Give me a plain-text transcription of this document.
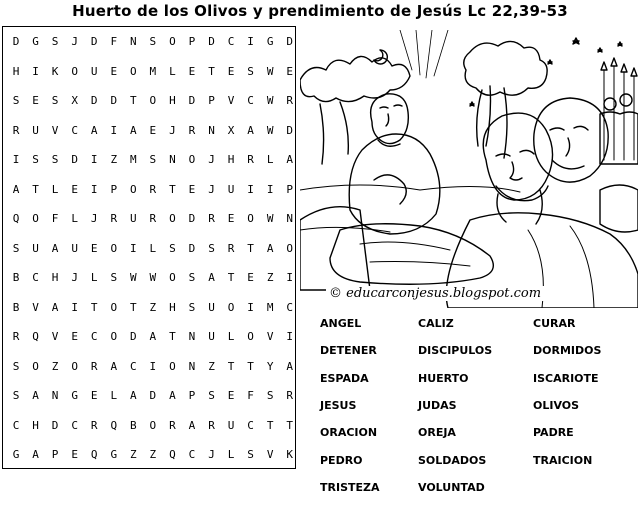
Huerto de los Olivos y prendimiento de Jesús Lc 22,39-53
D	G	S	J	D	F	N	S	O	P	D	C	I	G	D
H	I	K	O	U	E	O	M	L	E	T	E	S	W	E
S	E	S	X	D	D	T	O	H	D	P	V	C	W	R
R	U	V	C	A	I	A	E	J	R	N	X	A	W	D
I	S	S	D	I	Z	M	S	N	O	J	H	R	L	A
A	T	L	E	I	P	O	R	T	E	J	U	I	I	P
Q	O	F	L	J	R	U	R	O	D	R	E	O	W	N
S	U	A	U	E	O	I	L	S	D	S	R	T	A	O
B	C	H	J	L	S	W	W	O	S	A	T	E	Z	I
B	V	A	I	T	O	T	Z	H	S	U	O	I	M	C
R	Q	V	E	C	O	D	A	T	N	U	L	O	V	I
S	O	Z	O	R	A	C	I	O	N	Z	T	T	Y	A
S	A	N	G	E	L	A	D	A	P	S	E	F	S	R
C	H	D	C	R	Q	B	O	R	A	R	U	C	T	T
G	A	P	E	Q	G	Z	Z	Q	C	J	L	S	V	K
© educarconjesus.blogspot.com
ANGEL	CALIZ	CURAR
DETENER	DISCIPULOS	DORMIDOS
ESPADA	HUERTO	ISCARIOTE
JESUS	JUDAS	OLIVOS
ORACION	OREJA	PADRE
PEDRO	SOLDADOS	TRAICION
TRISTEZA	VOLUNTAD
